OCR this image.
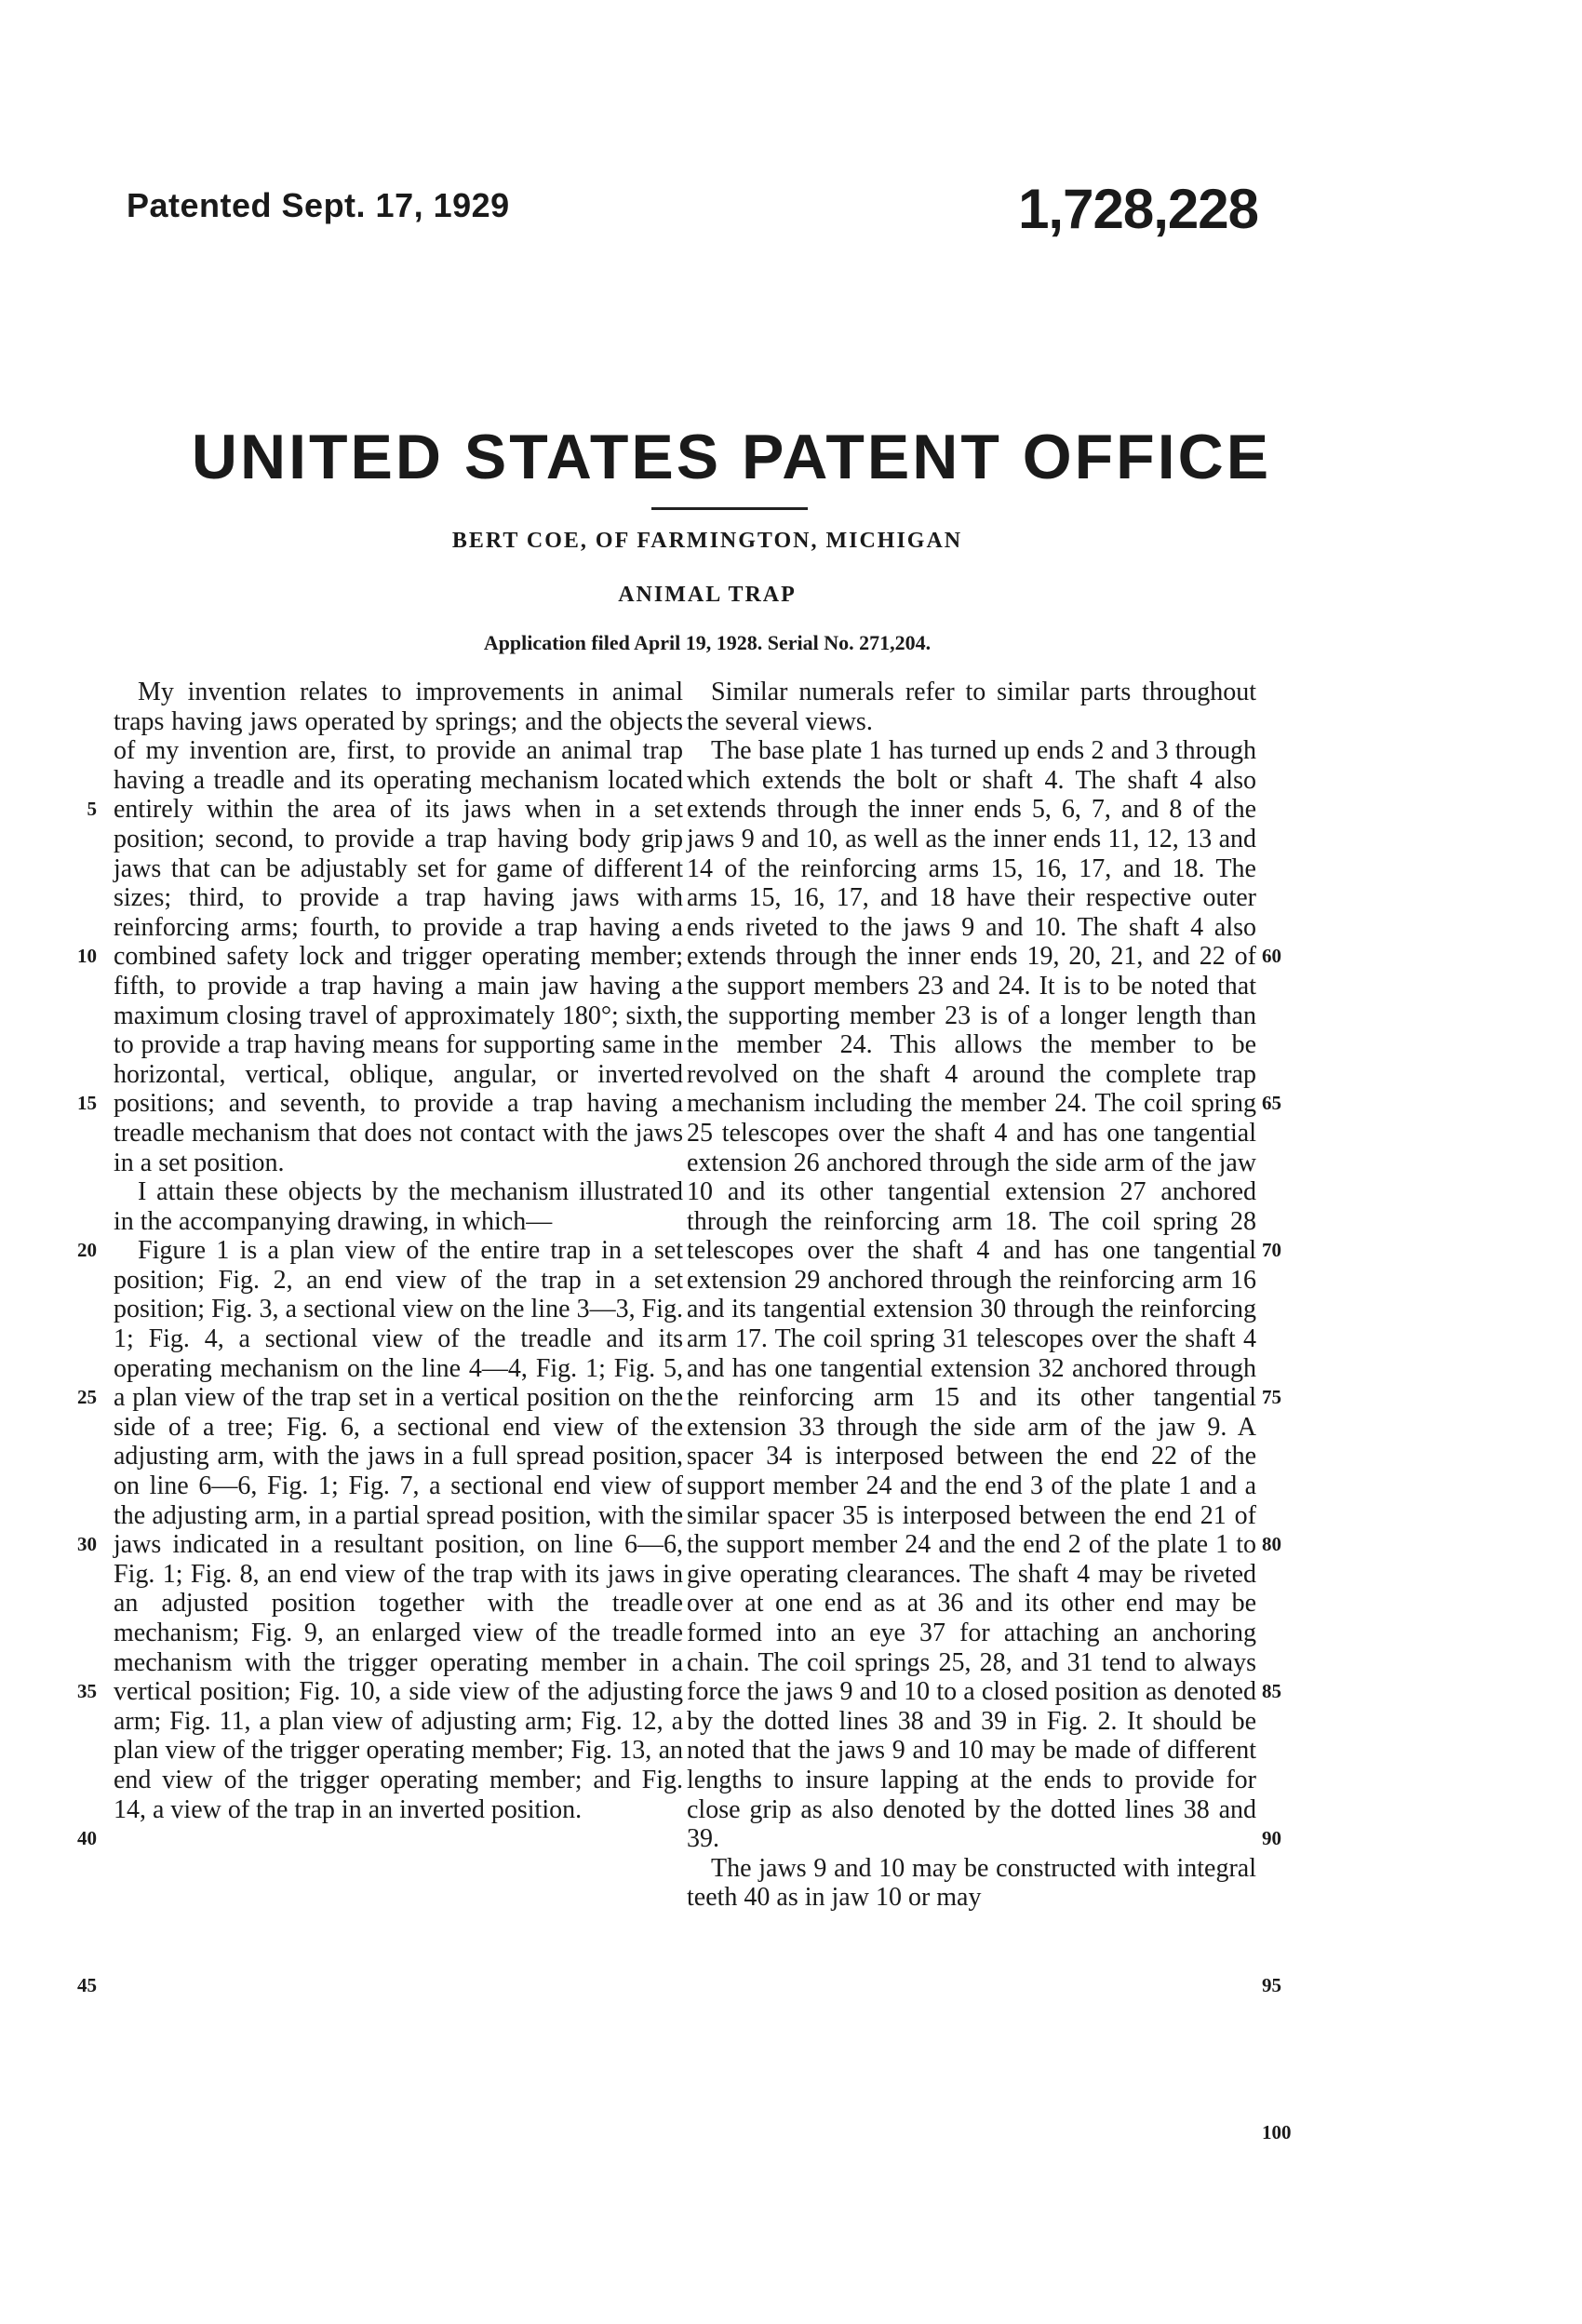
Patented Sept. 17, 1929	1,728,228
UNITED STATES PATENT OFFICE
BERT COE, OF FARMINGTON, MICHIGAN
ANIMAL TRAP
Application filed April 19, 1928. Serial No. 271,204.

My invention relates to improvements in animal traps having jaws operated by springs; and the objects of my invention are, first, to provide an animal trap having a treadle and its operating mechanism located entirely within the area of its jaws when in a set position; second, to provide a trap having body grip jaws that can be adjustably set for game of different sizes; third, to provide a trap having jaws with reinforcing arms; fourth, to provide a trap having a combined safety lock and trigger operating member; fifth, to provide a trap having a main jaw having a maximum closing travel of approximately 180°; sixth, to provide a trap having means for supporting same in horizontal, vertical, oblique, angular, or inverted positions; and seventh, to provide a trap having a treadle mechanism that does not contact with the jaws in a set position.

I attain these objects by the mechanism illustrated in the accompanying drawing, in which—

Figure 1 is a plan view of the entire trap in a set position; Fig. 2, an end view of the trap in a set position; Fig. 3, a sectional view on the line 3—3, Fig. 1; Fig. 4, a sectional view of the treadle and its operating mechanism on the line 4—4, Fig. 1; Fig. 5, a plan view of the trap set in a vertical position on the side of a tree; Fig. 6, a sectional end view of the adjusting arm, with the jaws in a full spread position, on line 6—6, Fig. 1; Fig. 7, a sectional end view of the adjusting arm, in a partial spread position, with the jaws indicated in a resultant position, on line 6—6, Fig. 1; Fig. 8, an end view of the trap with its jaws in an adjusted position together with the treadle mechanism; Fig. 9, an enlarged view of the treadle mechanism with the trigger operating member in a vertical position; Fig. 10, a side view of the adjusting arm; Fig. 11, a plan view of adjusting arm; Fig. 12, a plan view of the trigger operating member; Fig. 13, an end view of the trigger operating member; and Fig. 14, a view of the trap in an inverted position.

Similar numerals refer to similar parts throughout the several views.

The base plate 1 has turned up ends 2 and 3 through which extends the bolt or shaft 4. The shaft 4 also extends through the inner ends 5, 6, 7, and 8 of the jaws 9 and 10, as well as the inner ends 11, 12, 13 and 14 of the reinforcing arms 15, 16, 17, and 18. The arms 15, 16, 17, and 18 have their respective outer ends riveted to the jaws 9 and 10. The shaft 4 also extends through the inner ends 19, 20, 21, and 22 of the support members 23 and 24. It is to be noted that the supporting member 23 is of a longer length than the member 24. This allows the member to be revolved on the shaft 4 around the complete trap mechanism including the member 24. The coil spring 25 telescopes over the shaft 4 and has one tangential extension 26 anchored through the side arm of the jaw 10 and its other tangential extension 27 anchored through the reinforcing arm 18. The coil spring 28 telescopes over the shaft 4 and has one tangential extension 29 anchored through the reinforcing arm 16 and its tangential extension 30 through the reinforcing arm 17. The coil spring 31 telescopes over the shaft 4 and has one tangential extension 32 anchored through the reinforcing arm 15 and its other tangential extension 33 through the side arm of the jaw 9. A spacer 34 is interposed between the end 22 of the support member 24 and the end 3 of the plate 1 and a similar spacer 35 is interposed between the end 21 of the support member 24 and the end 2 of the plate 1 to give operating clearances. The shaft 4 may be riveted over at one end as at 36 and its other end may be formed into an eye 37 for attaching an anchoring chain. The coil springs 25, 28, and 31 tend to always force the jaws 9 and 10 to a closed position as denoted by the dotted lines 38 and 39 in Fig. 2. It should be noted that the jaws 9 and 10 may be made of different lengths to insure lapping at the ends to provide for close grip as also denoted by the dotted lines 38 and 39.

The jaws 9 and 10 may be constructed with integral teeth 40 as in jaw 10 or may

5
10
15
20
25
30
35
40
45
60
65
70
75
80
85
90
95
100
